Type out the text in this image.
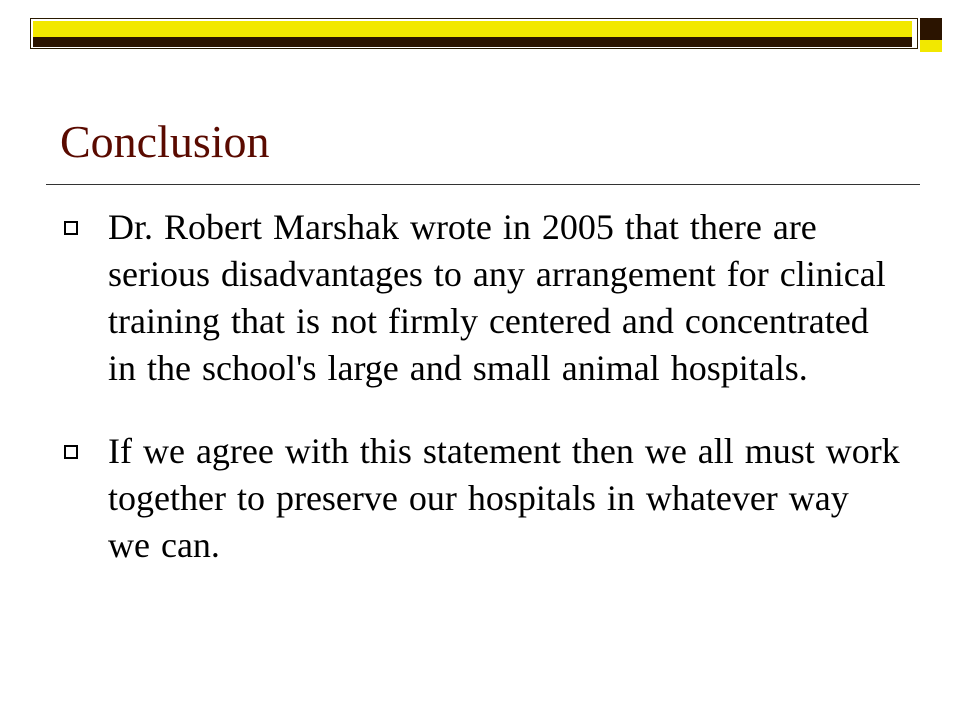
Conclusion
Dr. Robert Marshak wrote in 2005 that there are serious disadvantages to any arrangement for clinical training that is not firmly centered and concentrated in the school's large and small animal hospitals.
If we agree with this statement then we all must work together to preserve our hospitals in whatever way we can.
